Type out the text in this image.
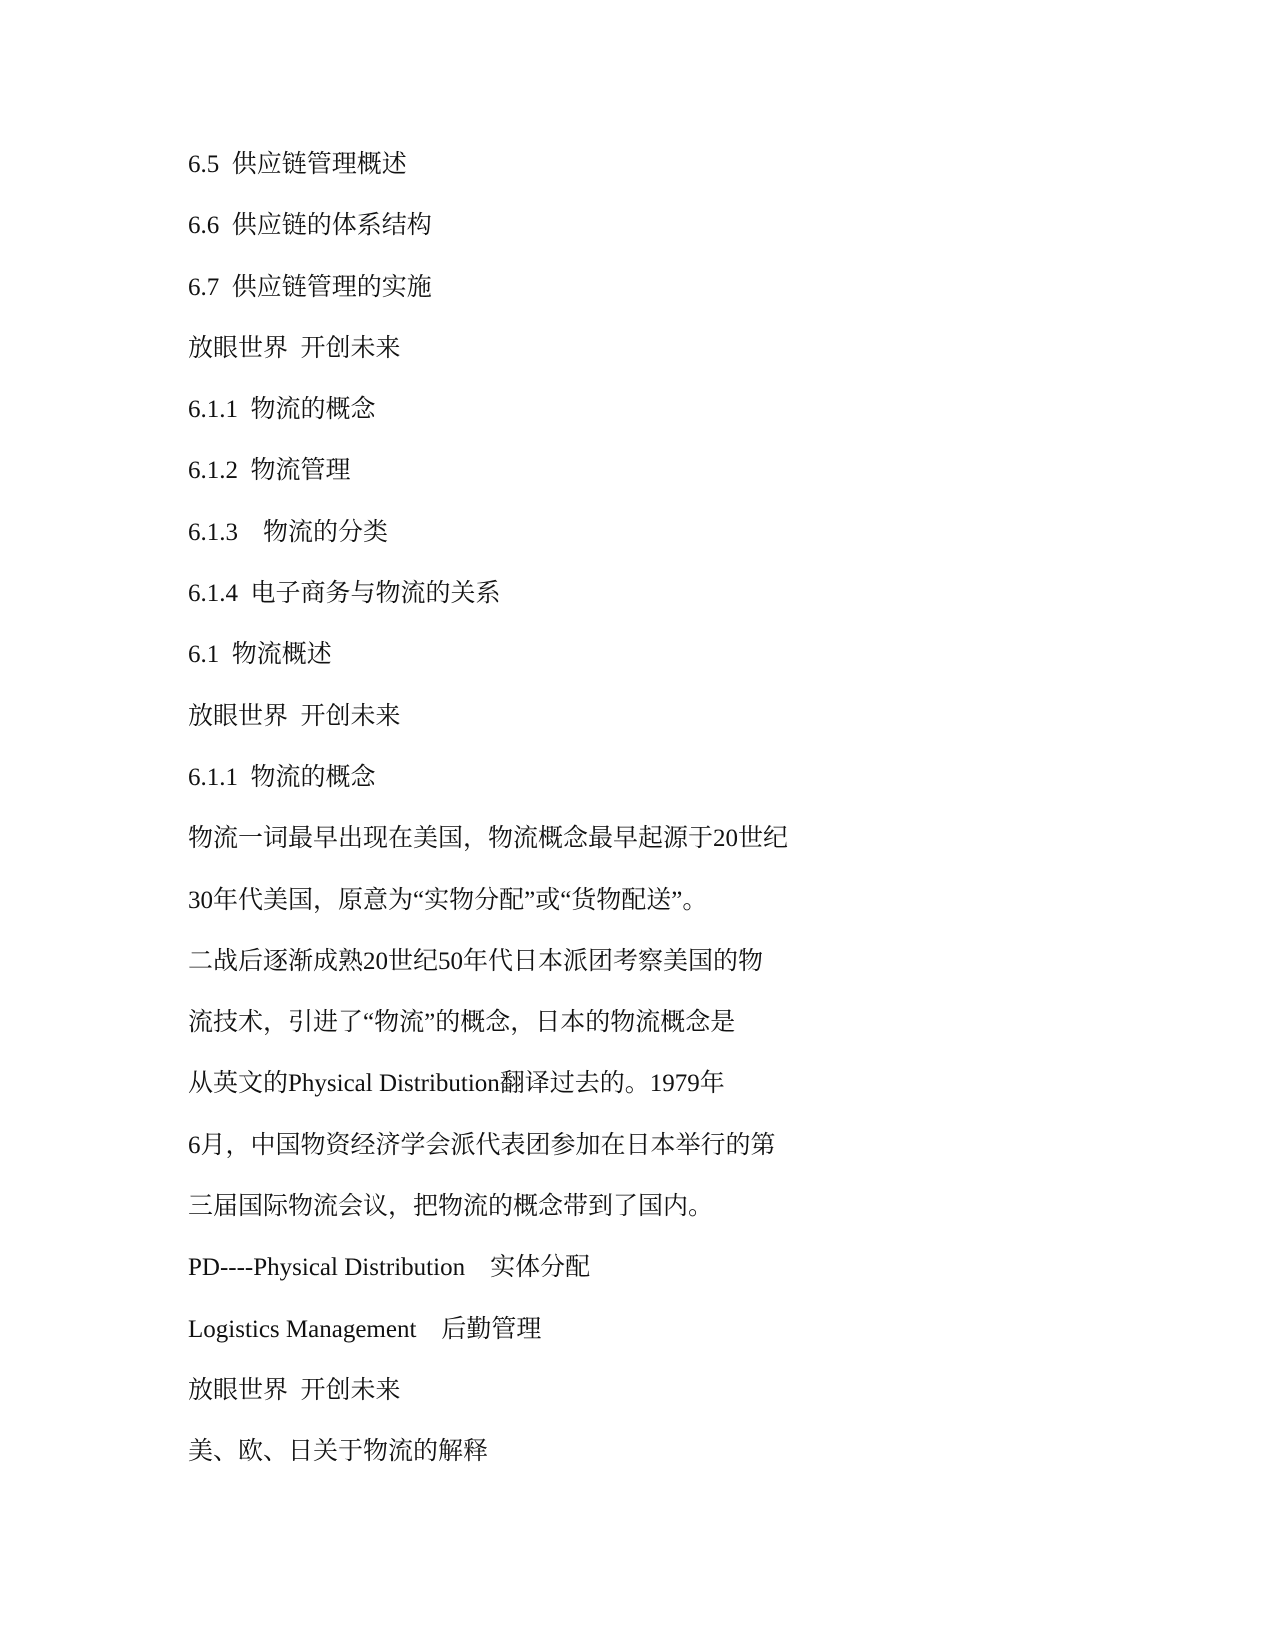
6.5  供应链管理概述
6.6  供应链的体系结构
6.7  供应链管理的实施
放眼世界  开创未来
6.1.1  物流的概念
6.1.2  物流管理
6.1.3    物流的分类
6.1.4  电子商务与物流的关系
6.1  物流概述
放眼世界  开创未来
6.1.1  物流的概念
物流一词最早出现在美国，物流概念最早起源于20世纪
30年代美国，原意为“实物分配”或“货物配送”。
二战后逐渐成熟20世纪50年代日本派团考察美国的物
流技术，引进了“物流”的概念，日本的物流概念是
从英文的Physical Distribution翻译过去的。1979年
6月，中国物资经济学会派代表团参加在日本举行的第
三届国际物流会议，把物流的概念带到了国内。
PD----Physical Distribution    实体分配
Logistics Management    后勤管理
放眼世界  开创未来
美、欧、日关于物流的解释
